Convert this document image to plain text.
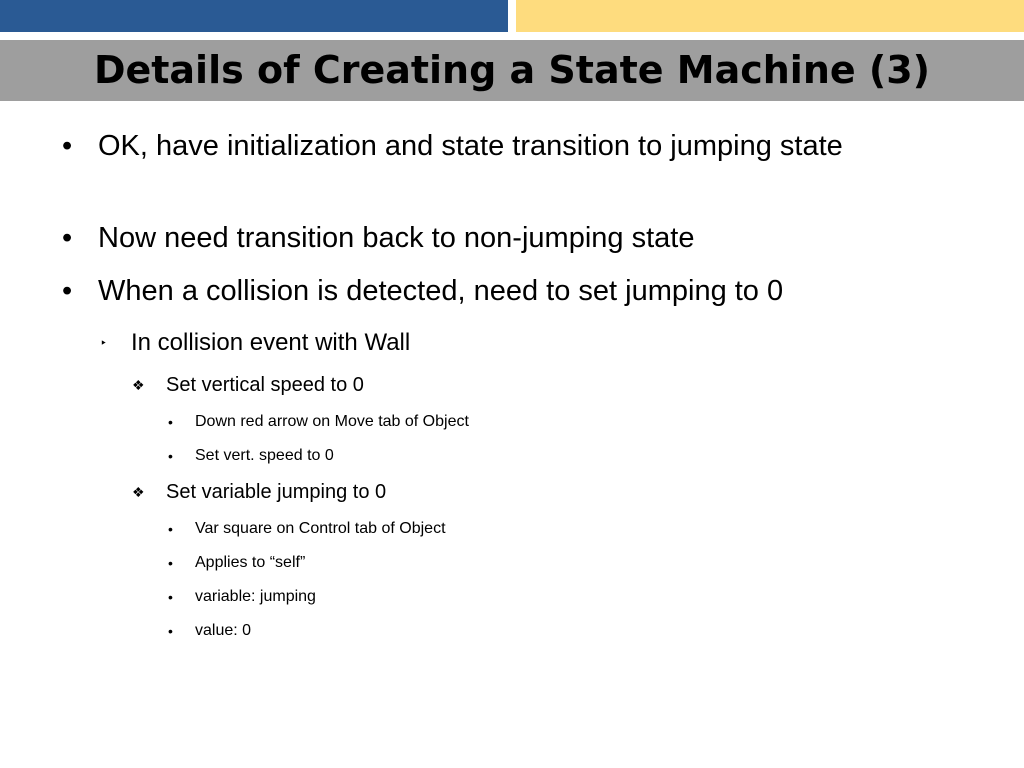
Details of Creating a State Machine (3)
• OK, have initialization and state transition to jumping state
• Now need transition back to non-jumping state
• When a collision is detected, need to set jumping to 0
‣ In collision event with Wall
❖ Set vertical speed to 0
• Down red arrow on Move tab of Object
• Set vert. speed to 0
❖ Set variable jumping to 0
• Var square on Control tab of Object
• Applies to “self”
• variable: jumping
• value: 0
